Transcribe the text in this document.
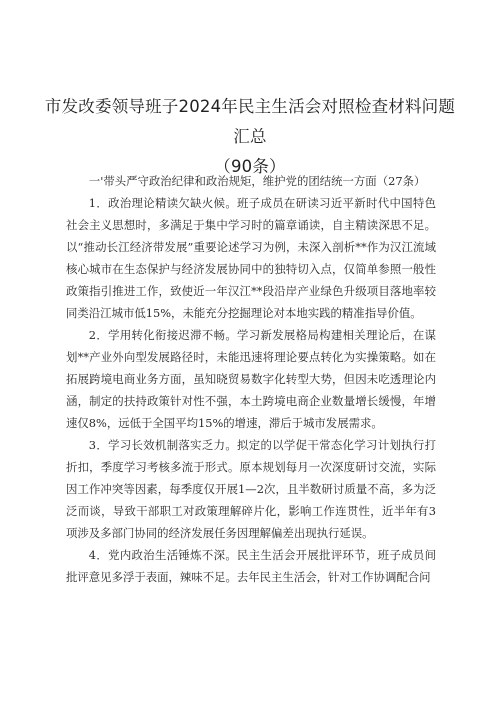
市发改委领导班子2024年民主生活会对照检查材料问题汇总
（90条）

一'带头严守政治纪律和政治规矩，维护党的团结统一方面（27条）

1．政治理论精读欠缺火候。班子成员在研读习近平新时代中国特色社会主义思想时，多满足于集中学习时的篇章诵读，自主精读深思不足。以“推动长江经济带发展”重要论述学习为例，未深入剖析**作为汉江流域核心城市在生态保护与经济发展协同中的独特切入点，仅简单参照一般性政策指引推进工作，致使近一年汉江**段沿岸产业绿色升级项目落地率较同类沿江城市低15%，未能充分挖掘理论对本地实践的精准指导价值。

2．学用转化衔接迟滞不畅。学习新发展格局构建相关理论后，在谋划**产业外向型发展路径时，未能迅速将理论要点转化为实操策略。如在拓展跨境电商业务方面，虽知晓贸易数字化转型大势，但因未吃透理论内涵，制定的扶持政策针对性不强，本土跨境电商企业数量增长缓慢，年增速仅8%，远低于全国平均15%的增速，滞后于城市发展需求。

3．学习长效机制落实乏力。拟定的以学促干常态化学习计划执行打折扣，季度学习考核多流于形式。原本规划每月一次深度研讨交流，实际因工作冲突等因素，每季度仅开展1—2次，且半数研讨质量不高，多为泛泛而谈，导致干部职工对政策理解碎片化，影响工作连贯性，近半年有3项涉及多部门协同的经济发展任务因理解偏差出现执行延误。

4．党内政治生活锤炼不深。民主生活会开展批评环节，班子成员间批评意见多浮于表面，辣味不足。去年民主生活会，针对工作协调配合问
